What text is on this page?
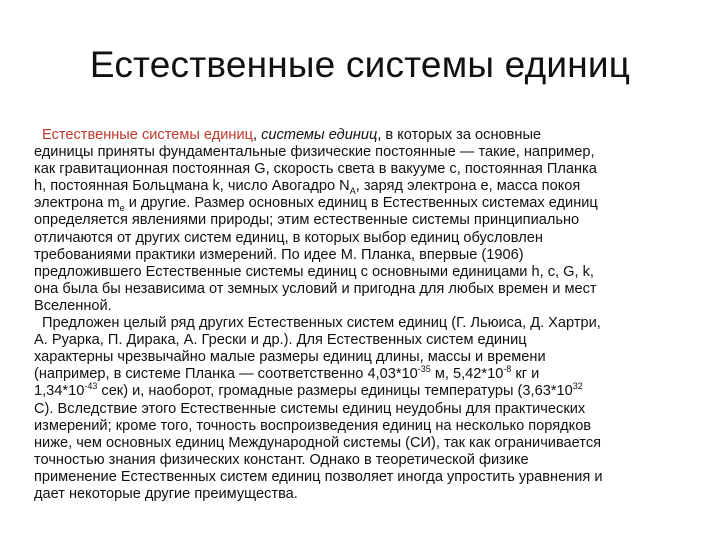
Естественные системы единиц
Естественные системы единиц, системы единиц, в которых за основные
единицы приняты фундаментальные физические постоянные — такие, например,
как гравитационная постоянная G, скорость света в вакууме с, постоянная Планка
h, постоянная Больцмана k, число Авогадро $N_A$, заряд электрона е, масса покоя
электрона $m_e$ и другие. Размер основных единиц в Естественных системах единиц
определяется явлениями природы; этим естественные системы принципиально
отличаются от других систем единиц, в которых выбор единиц обусловлен
требованиями практики измерений. По идее М. Планка, впервые (1906)
предложившего Естественные системы единиц с основными единицами h, с, G, k,
она была бы независима от земных условий и пригодна для любых времен и мест
Вселенной.
Предложен целый ряд других Естественных систем единиц (Г. Льюиса, Д. Хартри,
А. Руарка, П. Дирака, А. Грески и др.). Для Естественных систем единиц
характерны чрезвычайно малые размеры единиц длины, массы и времени
(например, в системе Планка — соответственно $4,03*10^{-35}$ м, $5,42*10^{-8}$ кг и
$1,34*10^{-43}$ сек) и, наоборот, громадные размеры единицы температуры ($3,63*10^{32}$
С). Вследствие этого Естественные системы единиц неудобны для практических
измерений; кроме того, точность воспроизведения единиц на несколько порядков
ниже, чем основных единиц Международной системы (СИ), так как ограничивается
точностью знания физических констант. Однако в теоретической физике
применение Естественных систем единиц позволяет иногда упростить уравнения и
дает некоторые другие преимущества.
